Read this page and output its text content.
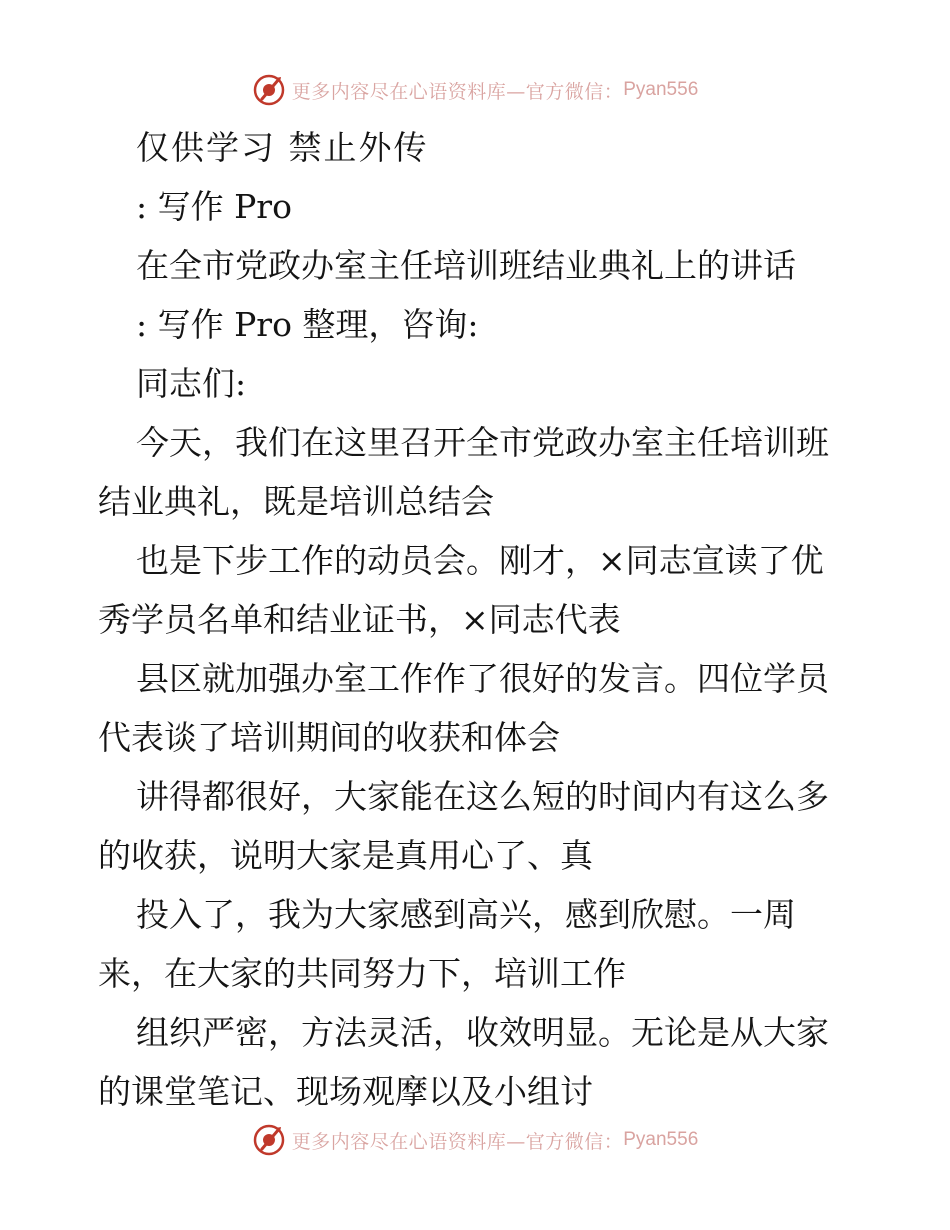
更多内容尽在心语资料库—官方微信： Pyan556
仅供学习 禁止外传
: 写作 Pro
在全市党政办室主任培训班结业典礼上的讲话
: 写作 Pro 整理，咨询:
同志们:
今天，我们在这里召开全市党政办室主任培训班
结业典礼，既是培训总结会
也是下步工作的动员会。刚才，×同志宣读了优
秀学员名单和结业证书，×同志代表
县区就加强办室工作作了很好的发言。四位学员
代表谈了培训期间的收获和体会
讲得都很好，大家能在这么短的时间内有这么多
的收获，说明大家是真用心了、真
投入了，我为大家感到高兴，感到欣慰。一周
来，在大家的共同努力下，培训工作
组织严密，方法灵活，收效明显。无论是从大家
的课堂笔记、现场观摩以及小组讨
更多内容尽在心语资料库—官方微信： Pyan556
